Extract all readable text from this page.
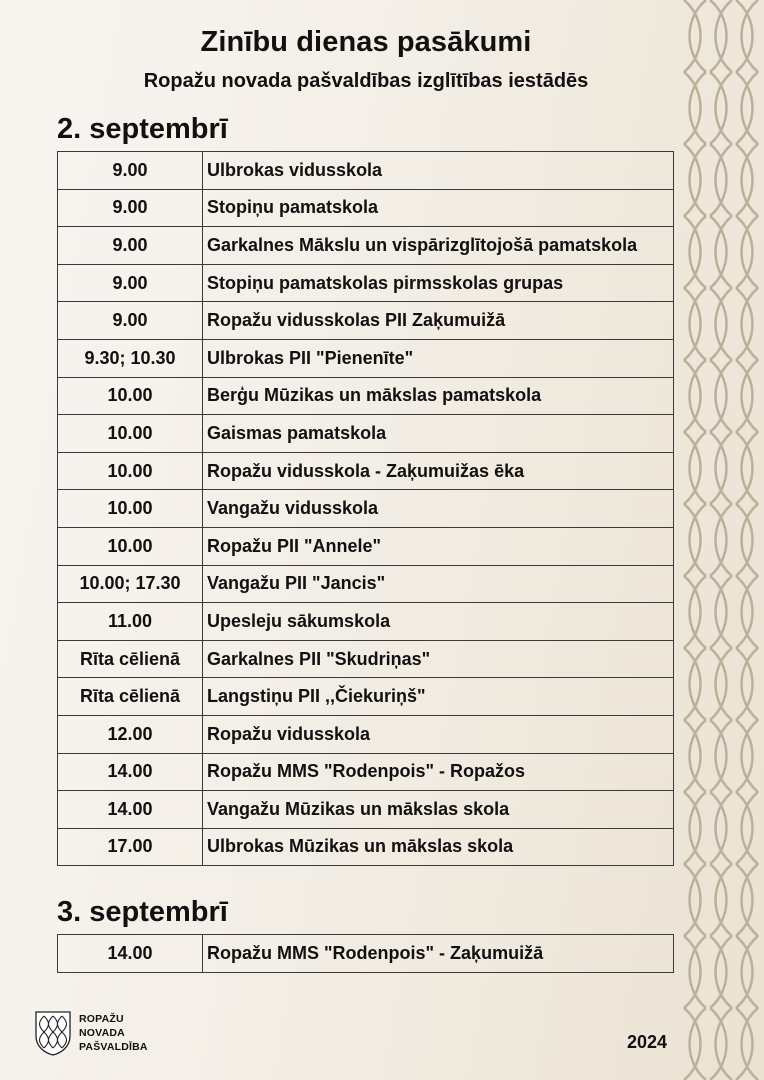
Zinību dienas pasākumi
Ropažu novada pašvaldības izglītības iestādēs
2. septembrī
9.00	Ulbrokas vidusskola
9.00	Stopiņu pamatskola
9.00	Garkalnes Mākslu un vispārizglītojošā pamatskola
9.00	Stopiņu pamatskolas pirmsskolas grupas
9.00	Ropažu vidusskolas PII Zaķumuižā
9.30; 10.30	Ulbrokas PII "Pienenīte"
10.00	Berģu Mūzikas un mākslas pamatskola
10.00	Gaismas pamatskola
10.00	Ropažu vidusskola - Zaķumuižas ēka
10.00	Vangažu vidusskola
10.00	Ropažu PII "Annele"
10.00; 17.30	Vangažu PII "Jancis"
11.00	Upesleju sākumskola
Rīta cēlienā	Garkalnes PII "Skudriņas"
Rīta cēlienā	Langstiņu PII ,,Čiekuriņš"
12.00	Ropažu vidusskola
14.00	Ropažu MMS "Rodenpois" - Ropažos
14.00	Vangažu Mūzikas un mākslas skola
17.00	Ulbrokas Mūzikas un mākslas skola
3. septembrī
14.00	Ropažu MMS "Rodenpois" - Zaķumuižā
ROPAŽU
NOVADA
PAŠVALDĪBA	2024
